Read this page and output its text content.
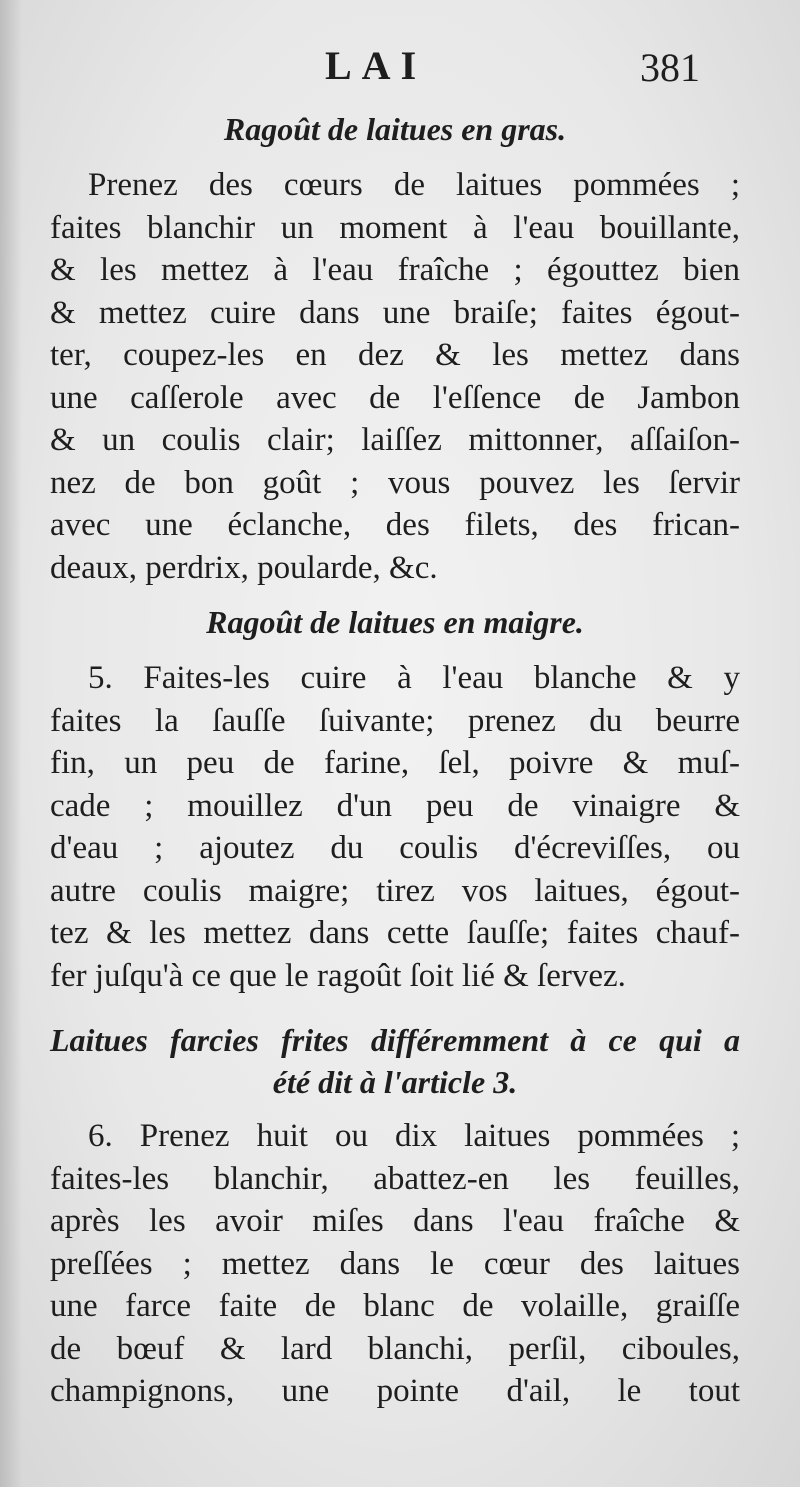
LAI	381
Ragoût de laitues en gras.

Prenez des cœurs de laitues pommées ;
faites blanchir un moment à l'eau bouillante,
& les mettez à l'eau fraîche ; égouttez bien
& mettez cuire dans une braiſe; faites égout-
ter, coupez-les en dez & les mettez dans
une caſſerole avec de l'eſſence de Jambon
& un coulis clair; laiſſez mittonner, aſſaiſon-
nez de bon goût ; vous pouvez les ſervir
avec une éclanche, des filets, des frican-
deaux, perdrix, poularde, &c.

Ragoût de laitues en maigre.

5. Faites-les cuire à l'eau blanche & y
faites la ſauſſe ſuivante; prenez du beurre
fin, un peu de farine, ſel, poivre & muſ-
cade ; mouillez d'un peu de vinaigre &
d'eau ; ajoutez du coulis d'écreviſſes, ou
autre coulis maigre; tirez vos laitues, égout-
tez & les mettez dans cette ſauſſe; faites chauf-
fer juſqu'à ce que le ragoût ſoit lié & ſervez.

Laitues farcies frites différemment à ce qui a
été dit à l'article 3.

6. Prenez huit ou dix laitues pommées ;
faites-les blanchir, abattez-en les feuilles,
après les avoir miſes dans l'eau fraîche &
preſſées ; mettez dans le cœur des laitues
une farce faite de blanc de volaille, graiſſe
de bœuf & lard blanchi, perſil, ciboules,
champignons, une pointe d'ail, le tout
